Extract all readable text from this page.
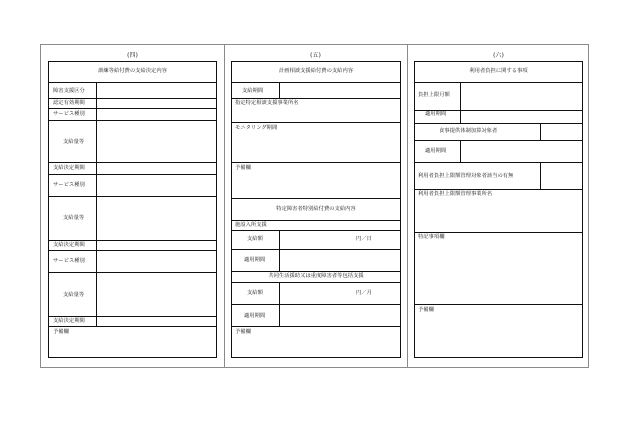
(四)
訓練等給付費の支給決定内容
障害支援区分
認定有効期間
サービス種別
支給量等
支給決定期間
サービス種別
支給量等
支給決定期間
サービス種別
支給量等
支給決定期間
予備欄
(五)
計画相談支援給付費の支給内容
支給期間
指定特定相談支援事業所名
モニタリング期間
予備欄
特定障害者特別給付費の支給内容
施設入所支援
支給額	円／日
適用期間
共同生活援助又は重度障害者等包括支援
支給額	円／月
適用期間
予備欄
(六)
利用者負担に関する事項
負担上限月額
適用期間
食事提供体制加算対象者
適用期間
利用者負担上限額管理対象者該当の有無
利用者負担上限額管理事業所名
特記事項欄
予備欄
